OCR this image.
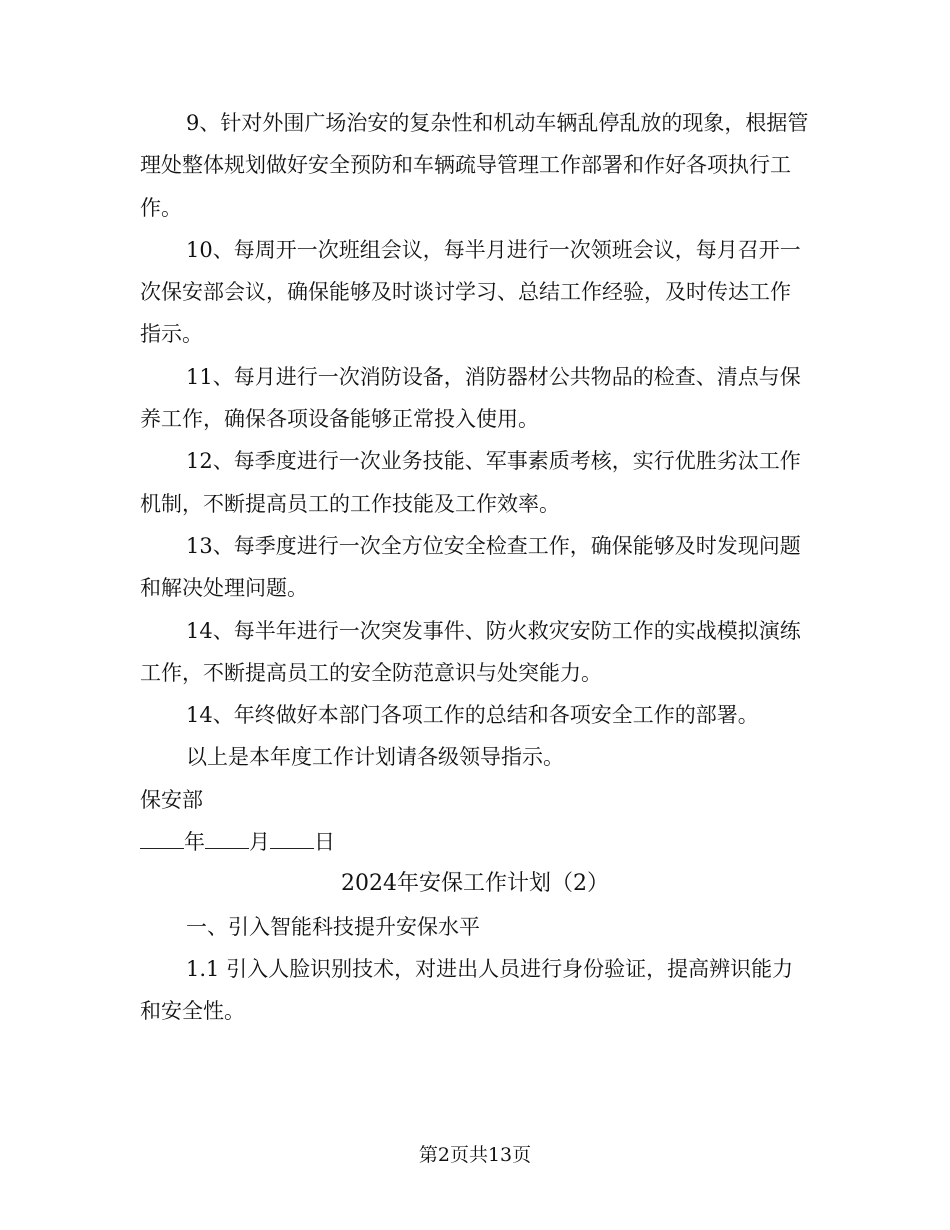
9、针对外围广场治安的复杂性和机动车辆乱停乱放的现象，根据管理处整体规划做好安全预防和车辆疏导管理工作部署和作好各项执行工作。

10、每周开一次班组会议，每半月进行一次领班会议，每月召开一次保安部会议，确保能够及时谈讨学习、总结工作经验，及时传达工作指示。

11、每月进行一次消防设备，消防器材公共物品的检查、清点与保养工作，确保各项设备能够正常投入使用。

12、每季度进行一次业务技能、军事素质考核，实行优胜劣汰工作机制，不断提高员工的工作技能及工作效率。

13、每季度进行一次全方位安全检查工作，确保能够及时发现问题和解决处理问题。

14、每半年进行一次突发事件、防火救灾安防工作的实战模拟演练工作，不断提高员工的安全防范意识与处突能力。

14、年终做好本部门各项工作的总结和各项安全工作的部署。

以上是本年度工作计划请各级领导指示。

保安部

年 月 日

2024年安保工作计划（2）

一、引入智能科技提升安保水平

1.1 引入人脸识别技术，对进出人员进行身份验证，提高辨识能力和安全性。

第2页共13页
